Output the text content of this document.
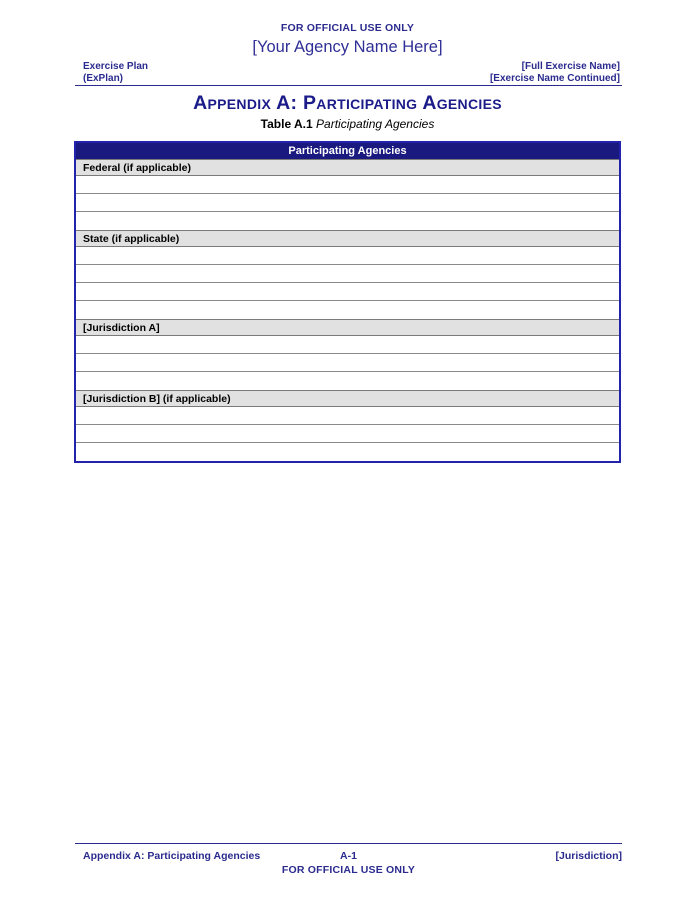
FOR OFFICIAL USE ONLY
[Your Agency Name Here]
Exercise Plan
(ExPlan)
[Full Exercise Name]
[Exercise Name Continued]
Appendix A: Participating Agencies
Table A.1 Participating Agencies
Participating Agencies
Federal (if applicable)
State (if applicable)
[Jurisdiction A]
[Jurisdiction B] (if applicable)
Appendix A: Participating Agencies	A-1	[Jurisdiction]
FOR OFFICIAL USE ONLY
